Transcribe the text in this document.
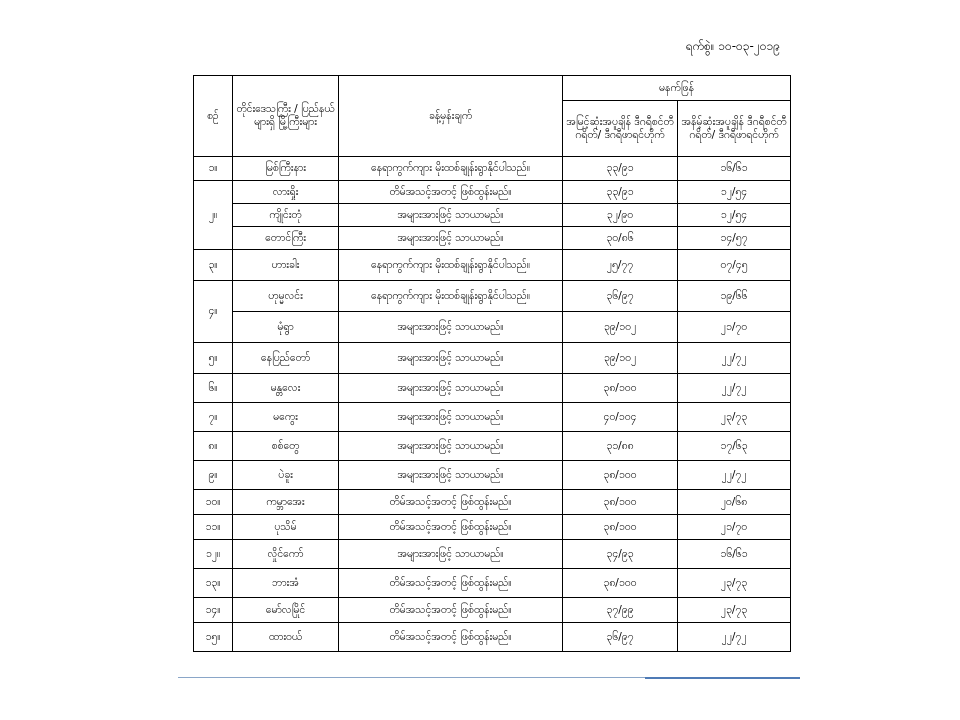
ရက်စွဲ။ ၁၀-၀၃-၂၀၁၉
စဉ်	တိုင်းဒေသကြီး / ပြည်နယ်များရှိ မြို့ကြီးများ	ခန့်မှန်းချက်	မနက်ဖြန်	
			အမြင့်ဆုံးအပူချိန် ဒီဂရီစင်တီဂရိတ်/ ဒီဂရီဖာရင်ဟိုက်	အနိမ့်ဆုံးအပူချိန် ဒီဂရီစင်တီဂရိတ်/ ဒီဂရီဖာရင်ဟိုက်
၁။	မြစ်ကြီးနား	နေရာကွက်ကျား မိုးထစ်ချုန်းရွာနိုင်ပါသည်။	၃၃/၉၁	၁၆/၆၁
၂။	လားရှိုး	တိမ်အသင့်အတင့် ဖြစ်ထွန်းမည်။	၃၃/၉၁	၁၂/၅၄
	ကျိုင်းတုံ	အများအားဖြင့် သာယာမည်။	၃၂/၉၀	၁၂/၅၄
	တောင်ကြီး	အများအားဖြင့် သာယာမည်။	၃၀/၈၆	၁၄/၅၇
၃။	ဟားခါး	နေရာကွက်ကျား မိုးထစ်ချုန်းရွာနိုင်ပါသည်။	၂၅/၇၇	၀၇/၄၅
၄။	ဟုမ္မလင်း	နေရာကွက်ကျား မိုးထစ်ချုန်းရွာနိုင်ပါသည်။	၃၆/၉၇	၁၉/၆၆
	မုံရွာ	အများအားဖြင့် သာယာမည်။	၃၉/၁၀၂	၂၁/၇၀
၅။	နေပြည်တော်	အများအားဖြင့် သာယာမည်။	၃၉/၁၀၂	၂၂/၇၂
၆။	မန္တလေး	အများအားဖြင့် သာယာမည်။	၃၈/၁၀၀	၂၂/၇၂
၇။	မကွေး	အများအားဖြင့် သာယာမည်။	၄၀/၁၀၄	၂၃/၇၃
၈။	စစ်တွေ	အများအားဖြင့် သာယာမည်။	၃၁/၈၈	၁၇/၆၃
၉။	ပဲခူး	အများအားဖြင့် သာယာမည်။	၃၈/၁၀၀	၂၂/၇၂
၁၀။	ကမ္ဘာအေး	တိမ်အသင့်အတင့် ဖြစ်ထွန်းမည်။	၃၈/၁၀၀	၂၀/၆၈
၁၁။	ပုသိမ်	တိမ်အသင့်အတင့် ဖြစ်ထွန်းမည်။	၃၈/၁၀၀	၂၁/၇၀
၁၂။	လှိုင်ကော်	အများအားဖြင့် သာယာမည်။	၃၄/၉၃	၁၆/၆၁
၁၃။	ဘားအံ	တိမ်အသင့်အတင့် ဖြစ်ထွန်းမည်။	၃၈/၁၀၀	၂၃/၇၃
၁၄။	မော်လမြိုင်	တိမ်အသင့်အတင့် ဖြစ်ထွန်းမည်။	၃၇/၉၉	၂၃/၇၃
၁၅။	ထားဝယ်	တိမ်အသင့်အတင့် ဖြစ်ထွန်းမည်။	၃၆/၉၇	၂၂/၇၂
